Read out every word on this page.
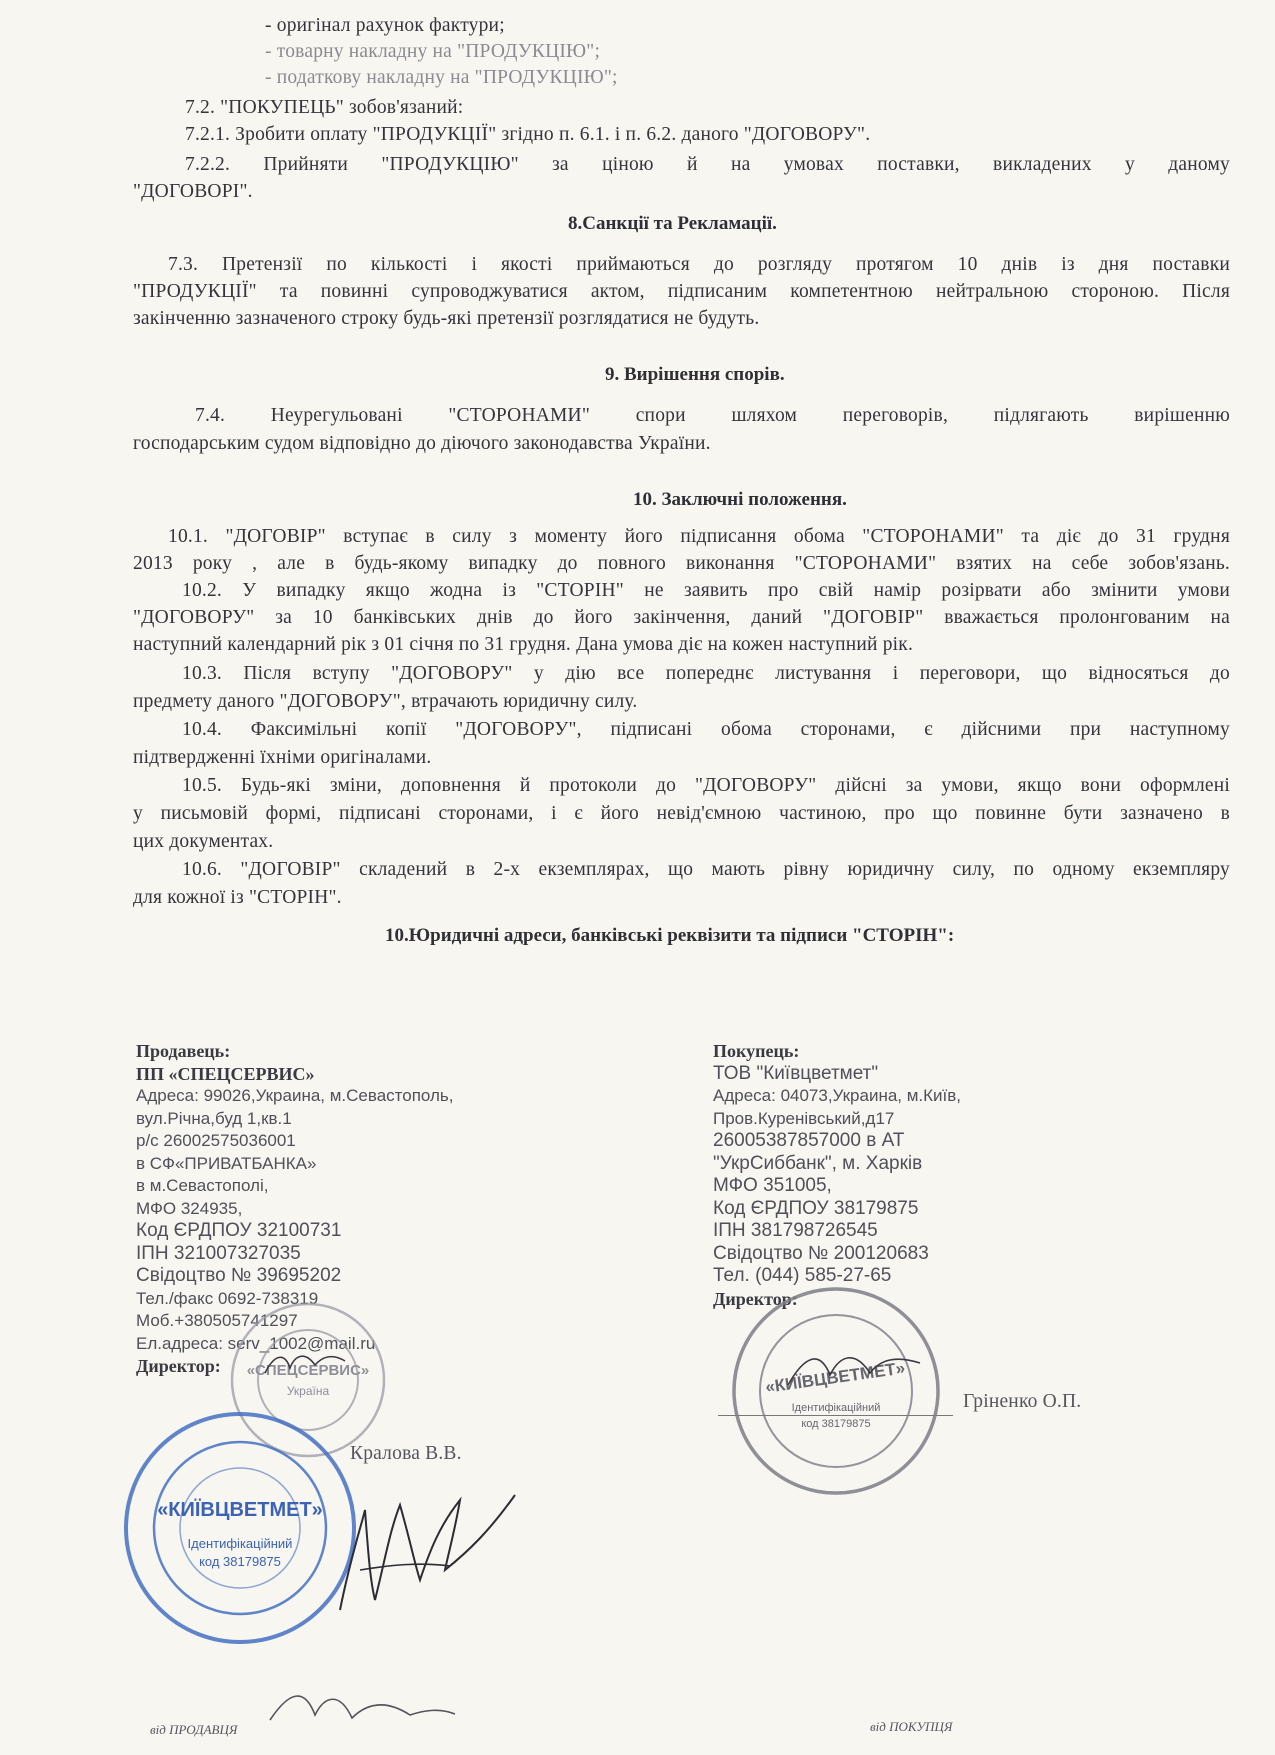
- оригінал рахунок фактури;
- товарну накладну на "ПРОДУКЦІЮ";
- податкову накладну на "ПРОДУКЦІЮ";
7.2. "ПОКУПЕЦЬ" зобов'язаний:
7.2.1. Зробити оплату "ПРОДУКЦІЇ" згідно п. 6.1. і п. 6.2. даного "ДОГОВОРУ".
7.2.2. Прийняти "ПРОДУКЦІЮ" за ціною й на умовах поставки, викладених у даному
"ДОГОВОРІ".
8.Санкції та Рекламації.
7.3. Претензії по кількості і якості приймаються до розгляду протягом 10 днів із дня поставки
"ПРОДУКЦІЇ" та повинні супроводжуватися актом, підписаним компетентною нейтральною стороною. Після
закінченню зазначеного строку будь-які претензії розглядатися не будуть.
9. Вирішення спорів.
7.4. Неурегульовані "СТОРОНАМИ" спори шляхом переговорів, підлягають вирішенню
господарським судом відповідно до діючого законодавства України.
10. Заключні положення.
10.1. "ДОГОВІР" вступає в силу з моменту його підписання обома "СТОРОНАМИ" та діє до 31 грудня
2013 року , але в будь-якому випадку до повного виконання "СТОРОНАМИ" взятих на себе зобов'язань.
10.2. У випадку якщо жодна із "СТОРІН" не заявить про свій намір розірвати або змінити умови
"ДОГОВОРУ" за 10 банківських днів до його закінчення, даний "ДОГОВІР" вважається пролонгованим на
наступний календарний рік з 01 січня по 31 грудня. Дана умова діє на кожен наступний рік.
10.3. Після вступу "ДОГОВОРУ" у дію все попереднє листування і переговори, що відносяться до
предмету даного "ДОГОВОРУ", втрачають юридичну силу.
10.4. Факсимільні копії "ДОГОВОРУ", підписані обома сторонами, є дійсними при наступному
підтвердженні їхніми оригіналами.
10.5. Будь-які зміни, доповнення й протоколи до "ДОГОВОРУ" дійсні за умови, якщо вони оформлені
у письмовій формі, підписані сторонами, і є його невід'ємною частиною, про що повинне бути зазначено в
цих документах.
10.6. "ДОГОВІР" складений в 2-х екземплярах, що мають рівну юридичну силу, по одному екземпляру
для кожної із "СТОРІН".
10.Юридичні адреси, банківські реквізити та підписи "СТОРІН":
Продавець:
ПП «СПЕЦСЕРВИС»
Адреса: 99026,Украина, м.Севастополь,
вул.Річна,буд 1,кв.1
р/с 26002575036001
в СФ«ПРИВАТБАНКА»
в м.Севастополі,
МФО 324935,
Код ЄРДПОУ 32100731
ІПН 321007327035
Свідоцтво № 39695202
Тел./факс 0692-738319
Моб.+380505741297
Ел.адреса: serv_1002@mail.ru
Директор:
Кралова В.В.
Покупець:
ТОВ "Київцветмет"
Адреса: 04073,Украина, м.Київ,
Пров.Куренівський,д17
26005387857000 в АТ
"УкрСиббанк", м. Харків
МФО 351005,
Код ЄРДПОУ 38179875
ІПН 381798726545
Свідоцтво № 200120683
Тел. (044) 585-27-65
Директор:
Гріненко О.П.
«СПЕЦСЕРВИС»
Україна
«КИЇВЦВЕТМЕТ»
Ідентифікаційний
код 38179875
«КИЇВЦВЕТМЕТ»
Ідентифікаційний
код 38179875
від ПРОДАВЦЯ	від ПОКУПЦЯ
